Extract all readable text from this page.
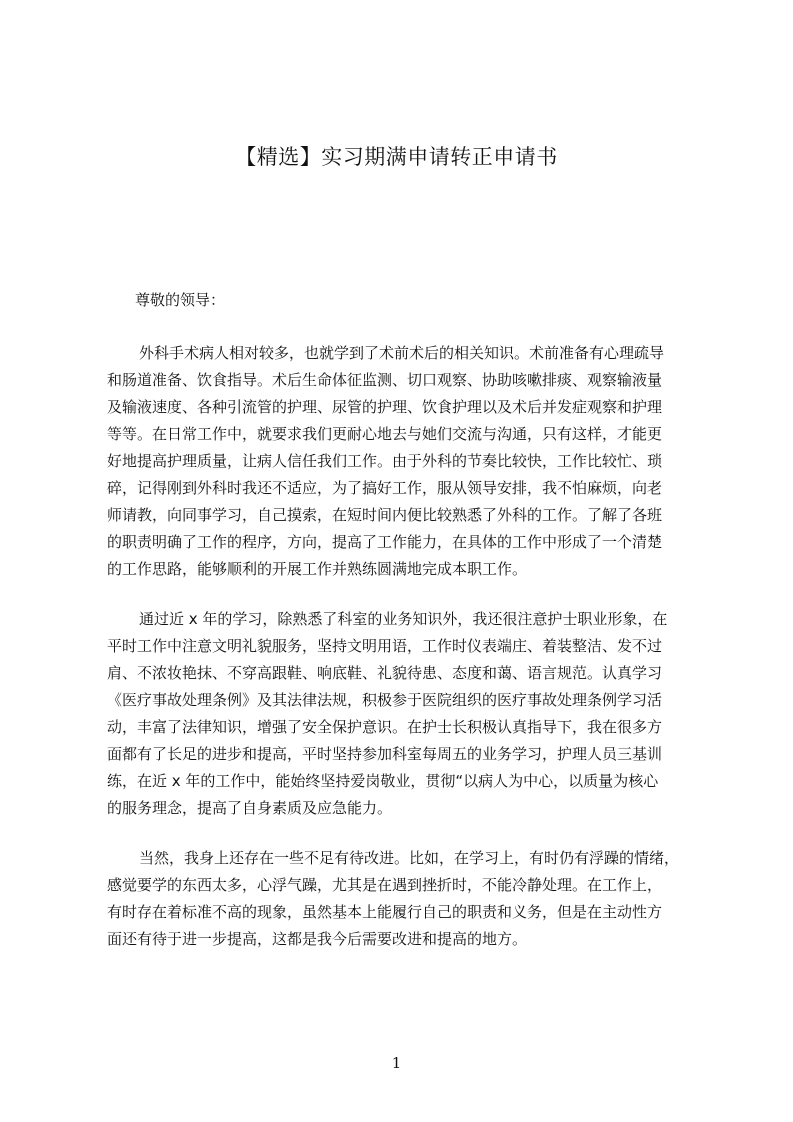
【精选】实习期满申请转正申请书
尊敬的领导：
外科手术病人相对较多，也就学到了术前术后的相关知识。术前准备有心理疏导
和肠道准备、饮食指导。术后生命体征监测、切口观察、协助咳嗽排痰、观察输液量
及输液速度、各种引流管的护理、尿管的护理、饮食护理以及术后并发症观察和护理
等等。在日常工作中，就要求我们更耐心地去与她们交流与沟通，只有这样，才能更
好地提高护理质量，让病人信任我们工作。由于外科的节奏比较快，工作比较忙、琐
碎，记得刚到外科时我还不适应，为了搞好工作，服从领导安排，我不怕麻烦，向老
师请教，向同事学习，自己摸索，在短时间内便比较熟悉了外科的工作。了解了各班
的职责明确了工作的程序，方向，提高了工作能力，在具体的工作中形成了一个清楚
的工作思路，能够顺利的开展工作并熟练圆满地完成本职工作。
通过近 x 年的学习，除熟悉了科室的业务知识外，我还很注意护士职业形象，在
平时工作中注意文明礼貌服务，坚持文明用语，工作时仪表端庄、着装整洁、发不过
肩、不浓妆艳抹、不穿高跟鞋、响底鞋、礼貌待患、态度和蔼、语言规范。认真学习
《医疗事故处理条例》及其法律法规，积极参于医院组织的医疗事故处理条例学习活
动，丰富了法律知识，增强了安全保护意识。在护士长积极认真指导下，我在很多方
面都有了长足的进步和提高，平时坚持参加科室每周五的业务学习，护理人员三基训
练，在近 x 年的工作中，能始终坚持爱岗敬业，贯彻“以病人为中心，以质量为核心
的服务理念，提高了自身素质及应急能力。
当然，我身上还存在一些不足有待改进。比如，在学习上，有时仍有浮躁的情绪，
感觉要学的东西太多，心浮气躁，尤其是在遇到挫折时，不能冷静处理。在工作上，
有时存在着标准不高的现象，虽然基本上能履行自己的职责和义务，但是在主动性方
面还有待于进一步提高，这都是我今后需要改进和提高的地方。
1
